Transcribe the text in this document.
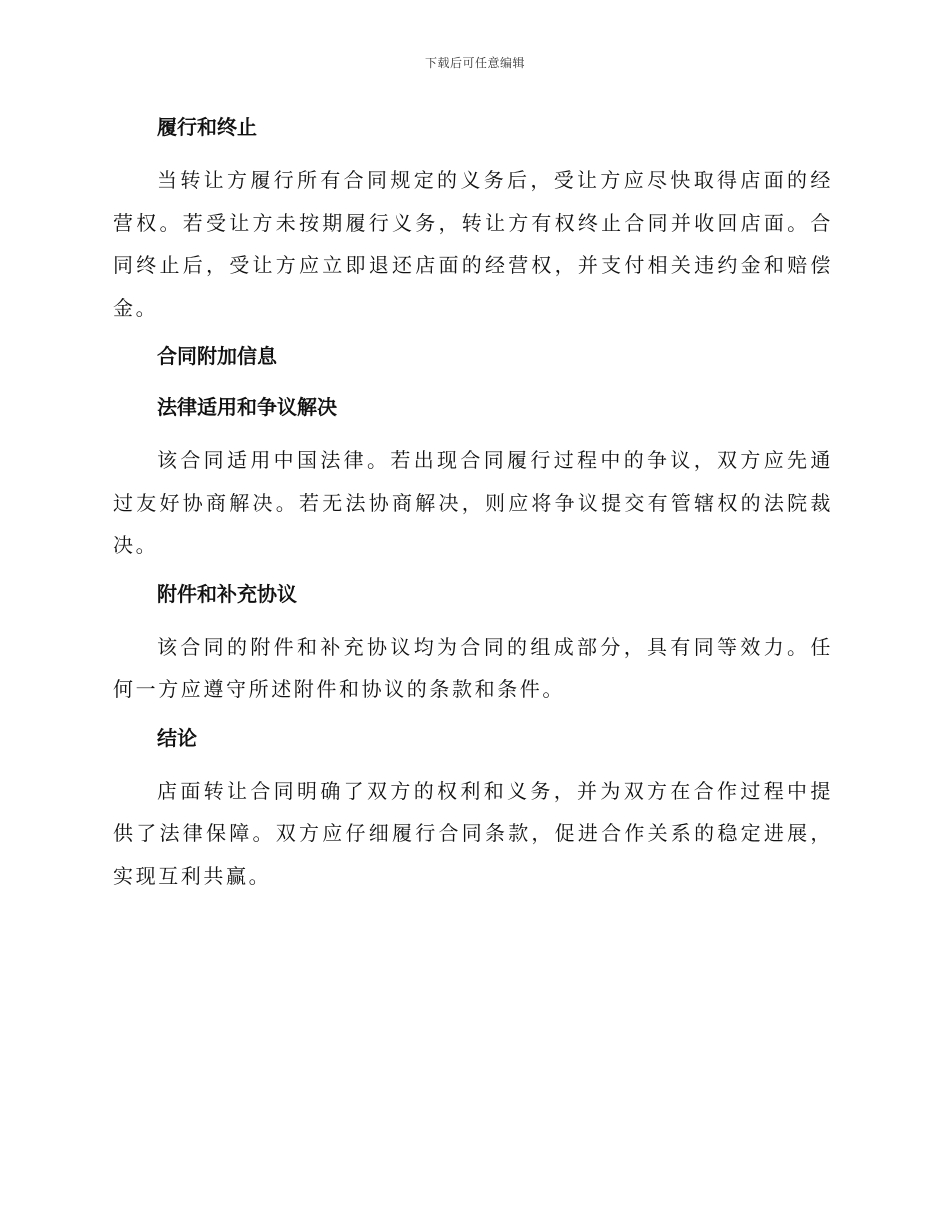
下载后可任意编辑
履行和终止

当转让方履行所有合同规定的义务后，受让方应尽快取得店面的经营权。若受让方未按期履行义务，转让方有权终止合同并收回店面。合同终止后，受让方应立即退还店面的经营权，并支付相关违约金和赔偿金。

合同附加信息
法律适用和争议解决

该合同适用中国法律。若出现合同履行过程中的争议，双方应先通过友好协商解决。若无法协商解决，则应将争议提交有管辖权的法院裁决。

附件和补充协议

该合同的附件和补充协议均为合同的组成部分，具有同等效力。任何一方应遵守所述附件和协议的条款和条件。

结论

店面转让合同明确了双方的权利和义务，并为双方在合作过程中提供了法律保障。双方应仔细履行合同条款，促进合作关系的稳定进展，实现互利共赢。
